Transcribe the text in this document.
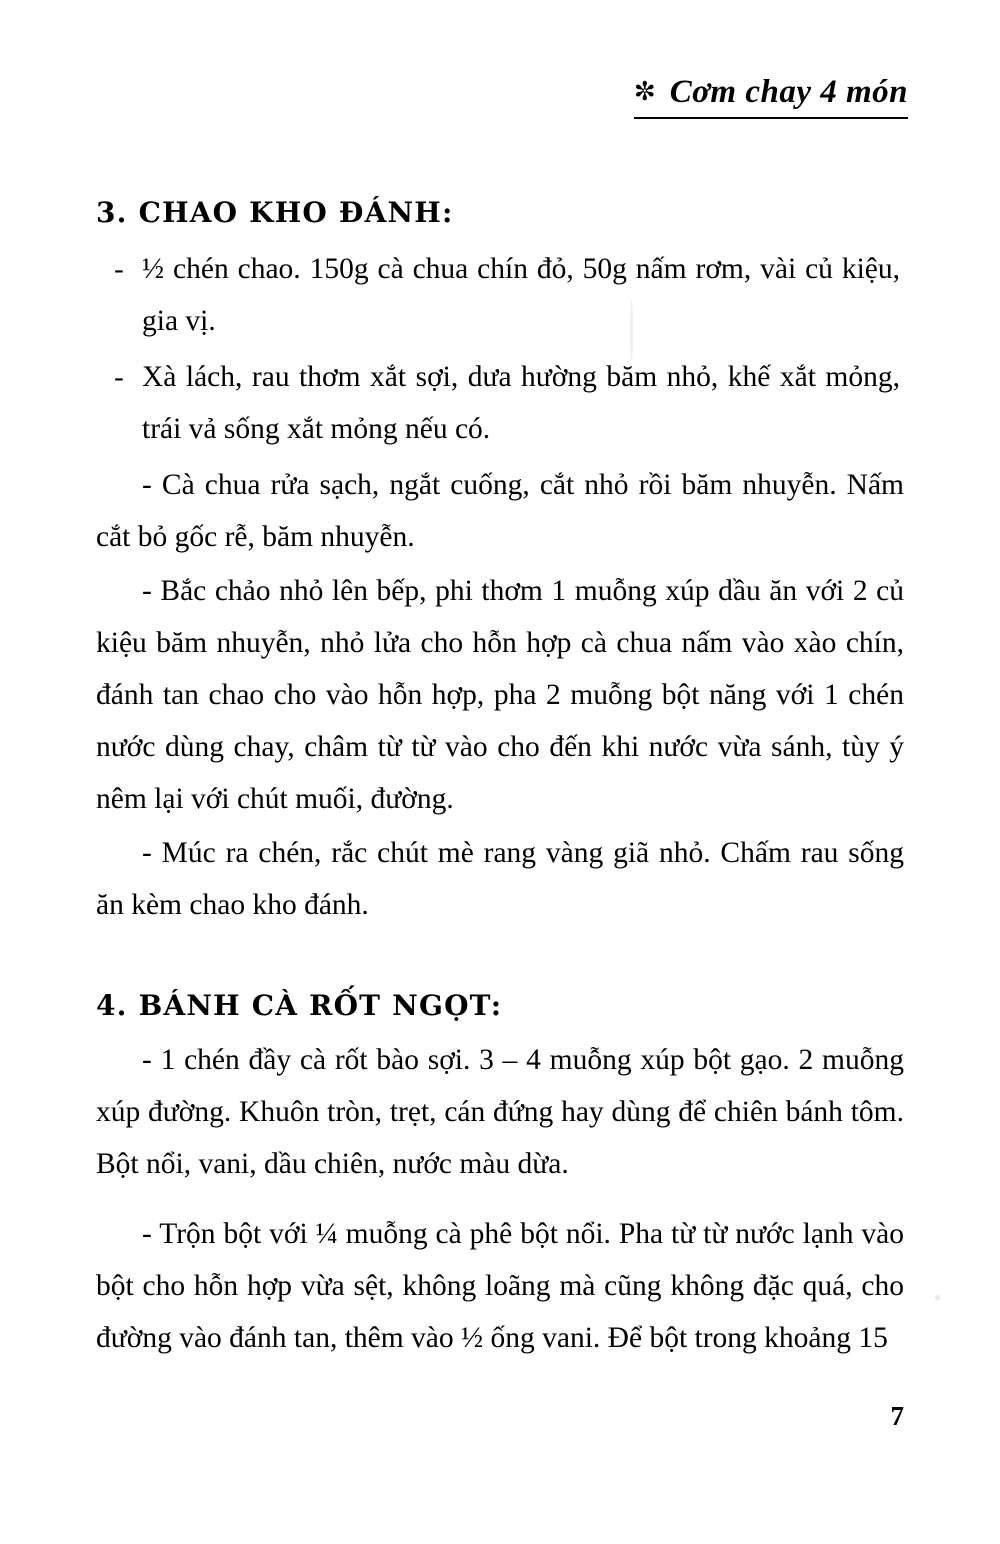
✼ Cơm chay 4 món
3. CHAO KHO ĐÁNH:
- ½ chén chao. 150g cà chua chín đỏ, 50g nấm rơm, vài củ kiệu, gia vị.
- Xà lách, rau thơm xắt sợi, dưa hường băm nhỏ, khế xắt mỏng, trái vả sống xắt mỏng nếu có.

- Cà chua rửa sạch, ngắt cuống, cắt nhỏ rồi băm nhuyễn. Nấm cắt bỏ gốc rễ, băm nhuyễn.

- Bắc chảo nhỏ lên bếp, phi thơm 1 muỗng xúp dầu ăn với 2 củ kiệu băm nhuyễn, nhỏ lửa cho hỗn hợp cà chua nấm vào xào chín, đánh tan chao cho vào hỗn hợp, pha 2 muỗng bột năng với 1 chén nước dùng chay, châm từ từ vào cho đến khi nước vừa sánh, tùy ý nêm lại với chút muối, đường.

- Múc ra chén, rắc chút mè rang vàng giã nhỏ. Chấm rau sống ăn kèm chao kho đánh.

4. BÁNH CÀ RỐT NGỌT:

- 1 chén đầy cà rốt bào sợi. 3 – 4 muỗng xúp bột gạo. 2 muỗng xúp đường. Khuôn tròn, trẹt, cán đứng hay dùng để chiên bánh tôm. Bột nổi, vani, dầu chiên, nước màu dừa.

- Trộn bột với ¼ muỗng cà phê bột nổi. Pha từ từ nước lạnh vào bột cho hỗn hợp vừa sệt, không loãng mà cũng không đặc quá, cho đường vào đánh tan, thêm vào ½ ống vani. Để bột trong khoảng 15

7
